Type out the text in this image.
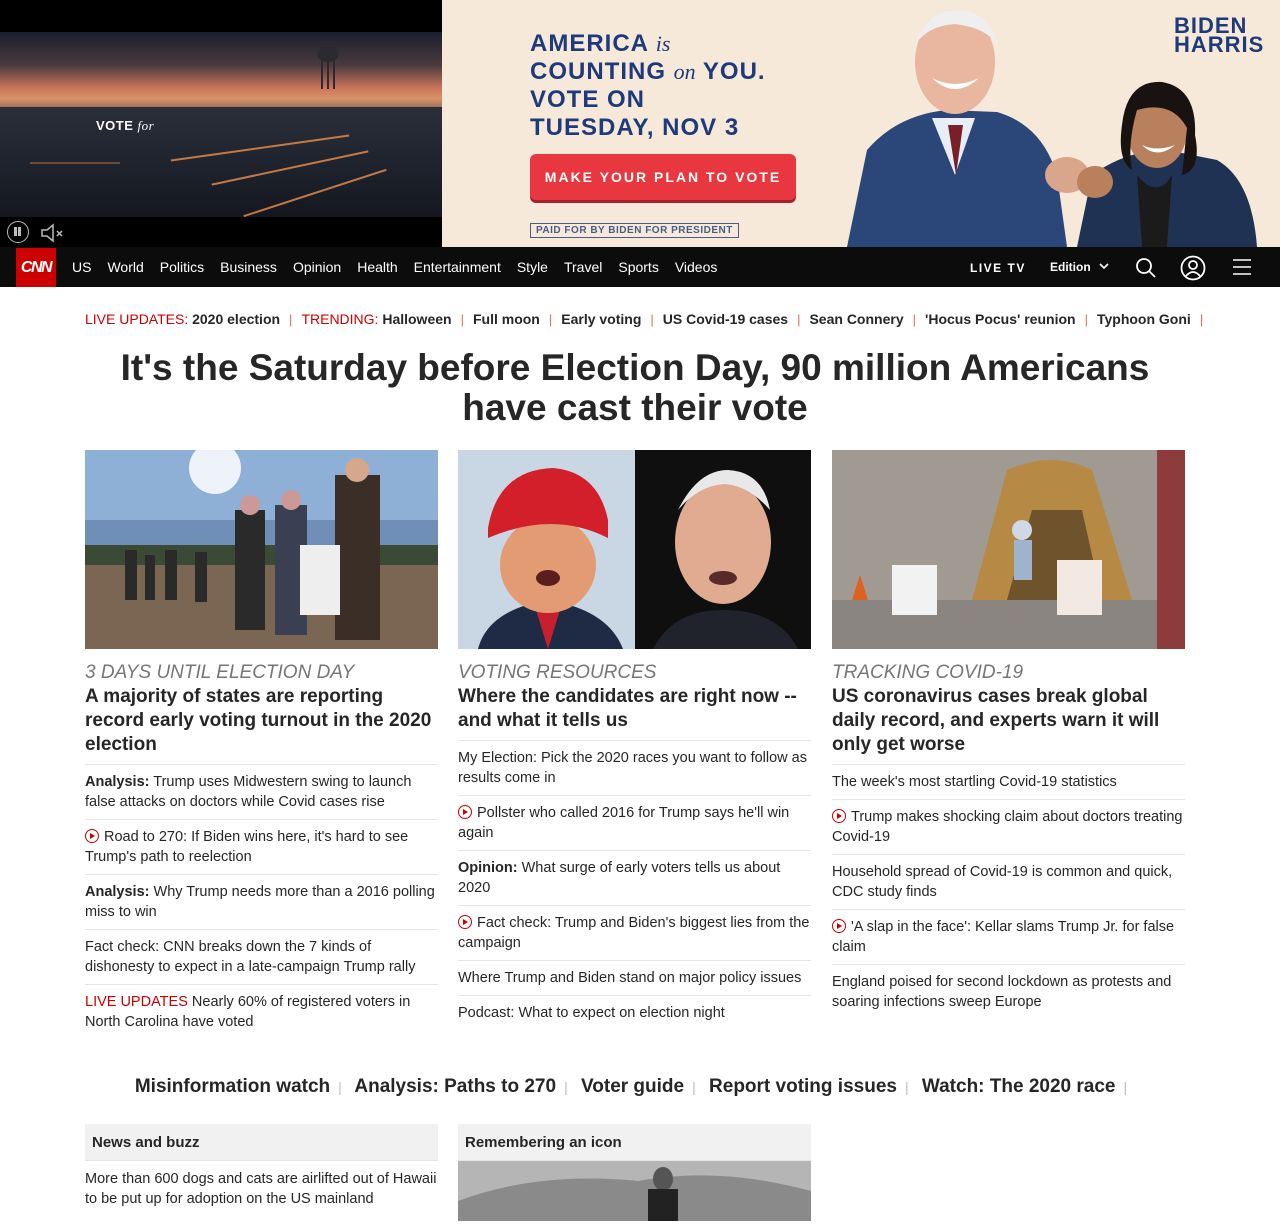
VOTE for
AMERICA is
COUNTING on YOU.
VOTE ON
TUESDAY, NOV 3
MAKE YOUR PLAN TO VOTE
PAID FOR BY BIDEN FOR PRESIDENT
BIDEN
HARRIS
CNN	US	World	Politics	Business	Opinion	Health	Entertainment	Style	Travel	Sports	Videos	LIVE TV Edition
LIVE UPDATES:
2020 election | TRENDING:
Halloween | Full moon | Early voting | US Covid-19 cases | Sean Connery | 'Hocus Pocus' reunion | Typhoon Goni |
It's the Saturday before Election Day, 90 million Americans have cast their vote
3 DAYS UNTIL ELECTION DAY
A majority of states are reporting record early voting turnout in the 2020 election
Analysis: Trump uses Midwestern swing to launch false attacks on doctors while Covid cases rise
Road to 270: If Biden wins here, it's hard to see Trump's path to reelection
Analysis: Why Trump needs more than a 2016 polling miss to win
Fact check: CNN breaks down the 7 kinds of dishonesty to expect in a late-campaign Trump rally
LIVE UPDATES Nearly 60% of registered voters in North Carolina have voted
VOTING RESOURCES
Where the candidates are right now -- and what it tells us
My Election: Pick the 2020 races you want to follow as results come in
Pollster who called 2016 for Trump says he'll win again
Opinion: What surge of early voters tells us about 2020
Fact check: Trump and Biden's biggest lies from the campaign
Where Trump and Biden stand on major policy issues
Podcast: What to expect on election night
TRACKING COVID-19
US coronavirus cases break global daily record, and experts warn it will only get worse
The week's most startling Covid-19 statistics
Trump makes shocking claim about doctors treating Covid-19
Household spread of Covid-19 is common and quick, CDC study finds
'A slap in the face': Kellar slams Trump Jr. for false claim
England poised for second lockdown as protests and soaring infections sweep Europe
Misinformation watch | Analysis: Paths to 270 | Voter guide | Report voting issues | Watch: The 2020 race |
News and buzz
More than 600 dogs and cats are airlifted out of Hawaii to be put up for adoption on the US mainland
Remembering an icon
